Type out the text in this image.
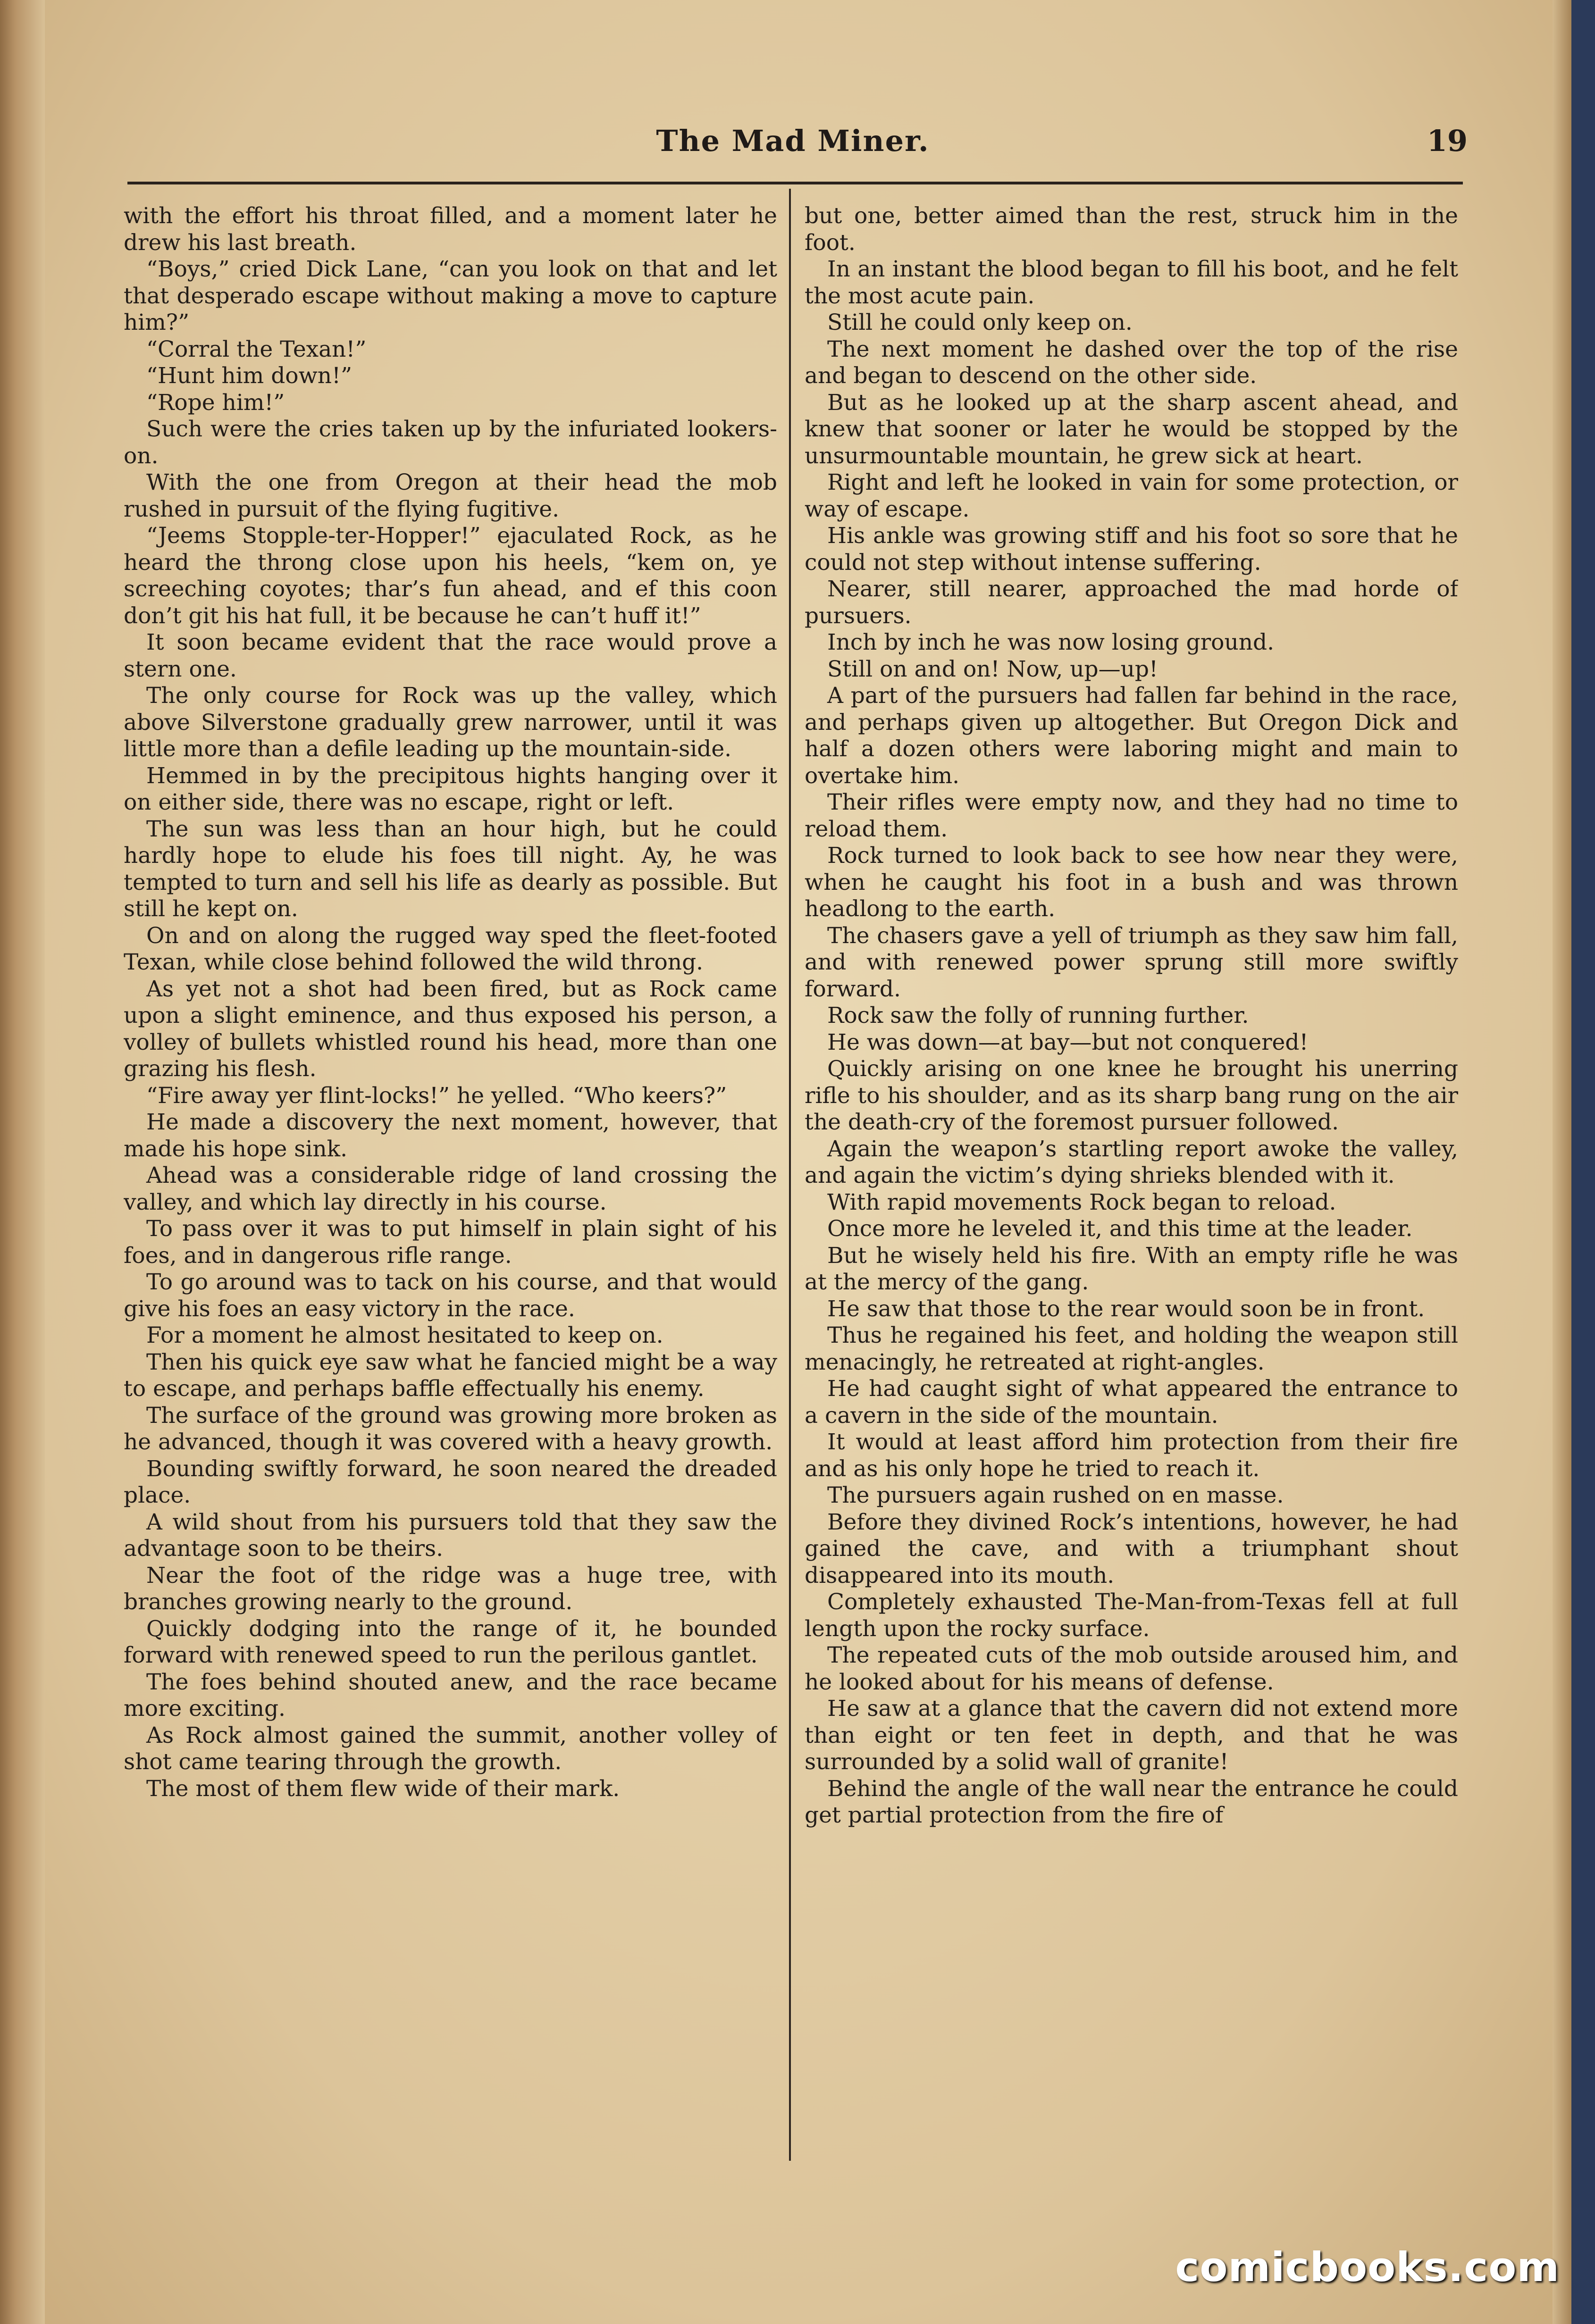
The Mad Miner.	19

with the effort his throat filled, and a moment later he drew his last breath.

“Boys,” cried Dick Lane, “can you look on that and let that desperado escape without making a move to capture him?”

“Corral the Texan!”

“Hunt him down!”

“Rope him!”

Such were the cries taken up by the infuriated lookers-on.

With the one from Oregon at their head the mob rushed in pursuit of the flying fugitive.

“Jeems Stopple-ter-Hopper!” ejaculated Rock, as he heard the throng close upon his heels, “kem on, ye screeching coyotes; thar’s fun ahead, and ef this coon don’t git his hat full, it be because he can’t huff it!”

It soon became evident that the race would prove a stern one.

The only course for Rock was up the valley, which above Silverstone gradually grew narrower, until it was little more than a defile leading up the mountain-side.

Hemmed in by the precipitous hights hanging over it on either side, there was no escape, right or left.

The sun was less than an hour high, but he could hardly hope to elude his foes till night. Ay, he was tempted to turn and sell his life as dearly as possible. But still he kept on.

On and on along the rugged way sped the fleet-footed Texan, while close behind followed the wild throng.

As yet not a shot had been fired, but as Rock came upon a slight eminence, and thus exposed his person, a volley of bullets whistled round his head, more than one grazing his flesh.

“Fire away yer flint-locks!” he yelled. “Who keers?”

He made a discovery the next moment, however, that made his hope sink.

Ahead was a considerable ridge of land crossing the valley, and which lay directly in his course.

To pass over it was to put himself in plain sight of his foes, and in dangerous rifle range.

To go around was to tack on his course, and that would give his foes an easy victory in the race.

For a moment he almost hesitated to keep on.

Then his quick eye saw what he fancied might be a way to escape, and perhaps baffle effectually his enemy.

The surface of the ground was growing more broken as he advanced, though it was covered with a heavy growth.

Bounding swiftly forward, he soon neared the dreaded place.

A wild shout from his pursuers told that they saw the advantage soon to be theirs.

Near the foot of the ridge was a huge tree, with branches growing nearly to the ground.

Quickly dodging into the range of it, he bounded forward with renewed speed to run the perilous gantlet.

The foes behind shouted anew, and the race became more exciting.

As Rock almost gained the summit, another volley of shot came tearing through the growth.

The most of them flew wide of their mark.

but one, better aimed than the rest, struck him in the foot.

In an instant the blood began to fill his boot, and he felt the most acute pain.

Still he could only keep on.

The next moment he dashed over the top of the rise and began to descend on the other side.

But as he looked up at the sharp ascent ahead, and knew that sooner or later he would be stopped by the unsurmountable mountain, he grew sick at heart.

Right and left he looked in vain for some protection, or way of escape.

His ankle was growing stiff and his foot so sore that he could not step without intense suffering.

Nearer, still nearer, approached the mad horde of pursuers.

Inch by inch he was now losing ground.

Still on and on! Now, up—up!

A part of the pursuers had fallen far behind in the race, and perhaps given up altogether. But Oregon Dick and half a dozen others were laboring might and main to overtake him.

Their rifles were empty now, and they had no time to reload them.

Rock turned to look back to see how near they were, when he caught his foot in a bush and was thrown headlong to the earth.

The chasers gave a yell of triumph as they saw him fall, and with renewed power sprung still more swiftly forward.

Rock saw the folly of running further.

He was down—at bay—but not conquered!

Quickly arising on one knee he brought his unerring rifle to his shoulder, and as its sharp bang rung on the air the death-cry of the foremost pursuer followed.

Again the weapon’s startling report awoke the valley, and again the victim’s dying shrieks blended with it.

With rapid movements Rock began to reload.

Once more he leveled it, and this time at the leader.

But he wisely held his fire. With an empty rifle he was at the mercy of the gang.

He saw that those to the rear would soon be in front.

Thus he regained his feet, and holding the weapon still menacingly, he retreated at right-angles.

He had caught sight of what appeared the entrance to a cavern in the side of the mountain.

It would at least afford him protection from their fire and as his only hope he tried to reach it.

The pursuers again rushed on en masse.

Before they divined Rock’s intentions, however, he had gained the cave, and with a triumphant shout disappeared into its mouth.

Completely exhausted The-Man-from-Texas fell at full length upon the rocky surface.

The repeated cuts of the mob outside aroused him, and he looked about for his means of defense.

He saw at a glance that the cavern did not extend more than eight or ten feet in depth, and that he was surrounded by a solid wall of granite!

Behind the angle of the wall near the entrance he could get partial protection from the fire of

comicbooks.com
